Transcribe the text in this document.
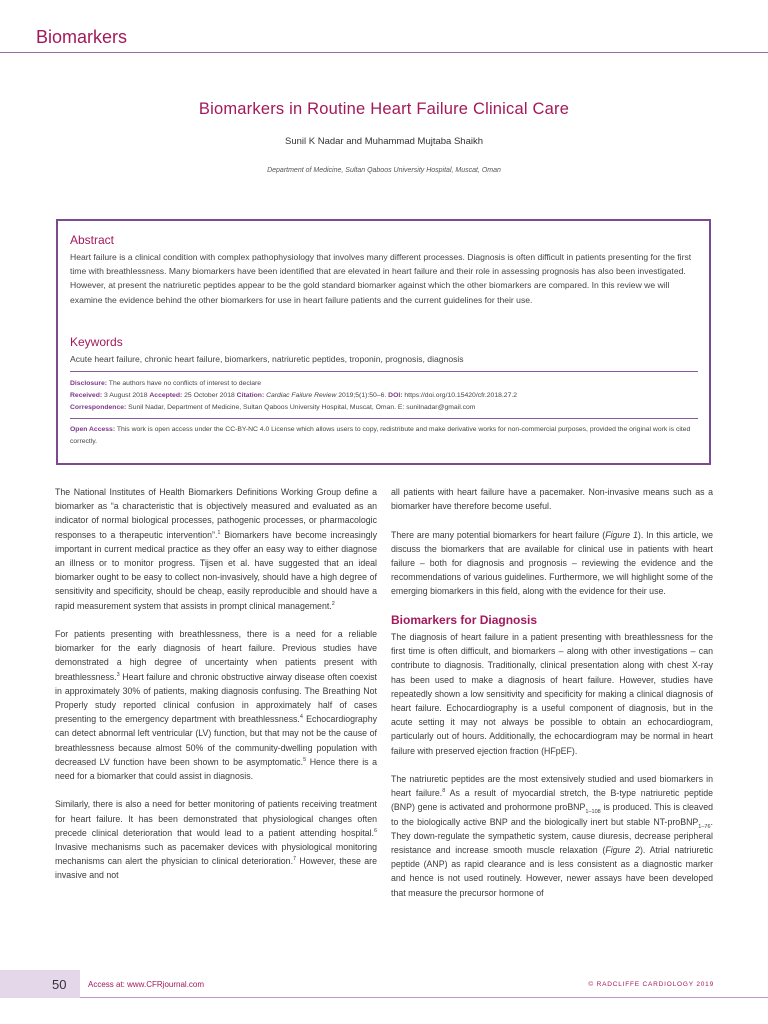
Biomarkers
Biomarkers in Routine Heart Failure Clinical Care
Sunil K Nadar and Muhammad Mujtaba Shaikh
Department of Medicine, Sultan Qaboos University Hospital, Muscat, Oman
Abstract
Heart failure is a clinical condition with complex pathophysiology that involves many different processes. Diagnosis is often difficult in patients presenting for the first time with breathlessness. Many biomarkers have been identified that are elevated in heart failure and their role in assessing prognosis has also been investigated. However, at present the natriuretic peptides appear to be the gold standard biomarker against which the other biomarkers are compared. In this review we will examine the evidence behind the other biomarkers for use in heart failure patients and the current guidelines for their use.
Keywords
Acute heart failure, chronic heart failure, biomarkers, natriuretic peptides, troponin, prognosis, diagnosis
Disclosure: The authors have no conflicts of interest to declare
Received: 3 August 2018 Accepted: 25 October 2018 Citation: Cardiac Failure Review 2019;5(1):50–6. DOI: https://doi.org/10.15420/cfr.2018.27.2
Correspondence: Sunil Nadar, Department of Medicine, Sultan Qaboos University Hospital, Muscat, Oman. E: sunilnadar@gmail.com
Open Access: This work is open access under the CC-BY-NC 4.0 License which allows users to copy, redistribute and make derivative works for non-commercial purposes, provided the original work is cited correctly.

The National Institutes of Health Biomarkers Definitions Working Group define a biomarker as “a characteristic that is objectively measured and evaluated as an indicator of normal biological processes, pathogenic processes, or pharmacologic responses to a therapeutic intervention”.$^1$ Biomarkers have become increasingly important in current medical practice as they offer an easy way to either diagnose an illness or to monitor progress. Tijsen et al. have suggested that an ideal biomarker ought to be easy to collect non-invasively, should have a high degree of sensitivity and specificity, should be cheap, easily reproducible and should have a rapid measurement system that assists in prompt clinical management.$^2$

For patients presenting with breathlessness, there is a need for a reliable biomarker for the early diagnosis of heart failure. Previous studies have demonstrated a high degree of uncertainty when patients present with breathlessness.$^3$ Heart failure and chronic obstructive airway disease often coexist in approximately 30% of patients, making diagnosis confusing. The Breathing Not Properly study reported clinical confusion in approximately half of cases presenting to the emergency department with breathlessness.$^4$ Echocardiography can detect abnormal left ventricular (LV) function, but that may not be the cause of breathlessness because almost 50% of the community-dwelling population with decreased LV function have been shown to be asymptomatic.$^5$ Hence there is a need for a biomarker that could assist in diagnosis.

Similarly, there is also a need for better monitoring of patients receiving treatment for heart failure. It has been demonstrated that physiological changes often precede clinical deterioration that would lead to a patient attending hospital.$^6$ Invasive mechanisms such as pacemaker devices with physiological monitoring mechanisms can alert the physician to clinical deterioration.$^7$ However, these are invasive and not

all patients with heart failure have a pacemaker. Non-invasive means such as a biomarker have therefore become useful.

There are many potential biomarkers for heart failure (Figure 1). In this article, we discuss the biomarkers that are available for clinical use in patients with heart failure – both for diagnosis and prognosis – reviewing the evidence and the recommendations of various guidelines. Furthermore, we will highlight some of the emerging biomarkers in this field, along with the evidence for their use.

Biomarkers for Diagnosis

The diagnosis of heart failure in a patient presenting with breathlessness for the first time is often difficult, and biomarkers – along with other investigations – can contribute to diagnosis. Traditionally, clinical presentation along with chest X-ray has been used to make a diagnosis of heart failure. However, studies have repeatedly shown a low sensitivity and specificity for making a clinical diagnosis of heart failure. Echocardiography is a useful component of diagnosis, but in the acute setting it may not always be possible to obtain an echocardiogram, particularly out of hours. Additionally, the echocardiogram may be normal in heart failure with preserved ejection fraction (HFpEF).

The natriuretic peptides are the most extensively studied and used biomarkers in heart failure.$^8$ As a result of myocardial stretch, the B-type natriuretic peptide (BNP) gene is activated and prohormone proBNP$_{1-108}$ is produced. This is cleaved to the biologically active BNP and the biologically inert but stable NT-proBNP$_{1-76}$. They down-regulate the sympathetic system, cause diuresis, decrease peripheral resistance and increase smooth muscle relaxation (Figure 2). Atrial natriuretic peptide (ANP) as rapid clearance and is less consistent as a diagnostic marker and hence is not used routinely. However, newer assays have been developed that measure the precursor hormone of

50	Access at: www.CFRjournal.com	© RADCLIFFE CARDIOLOGY 2019
